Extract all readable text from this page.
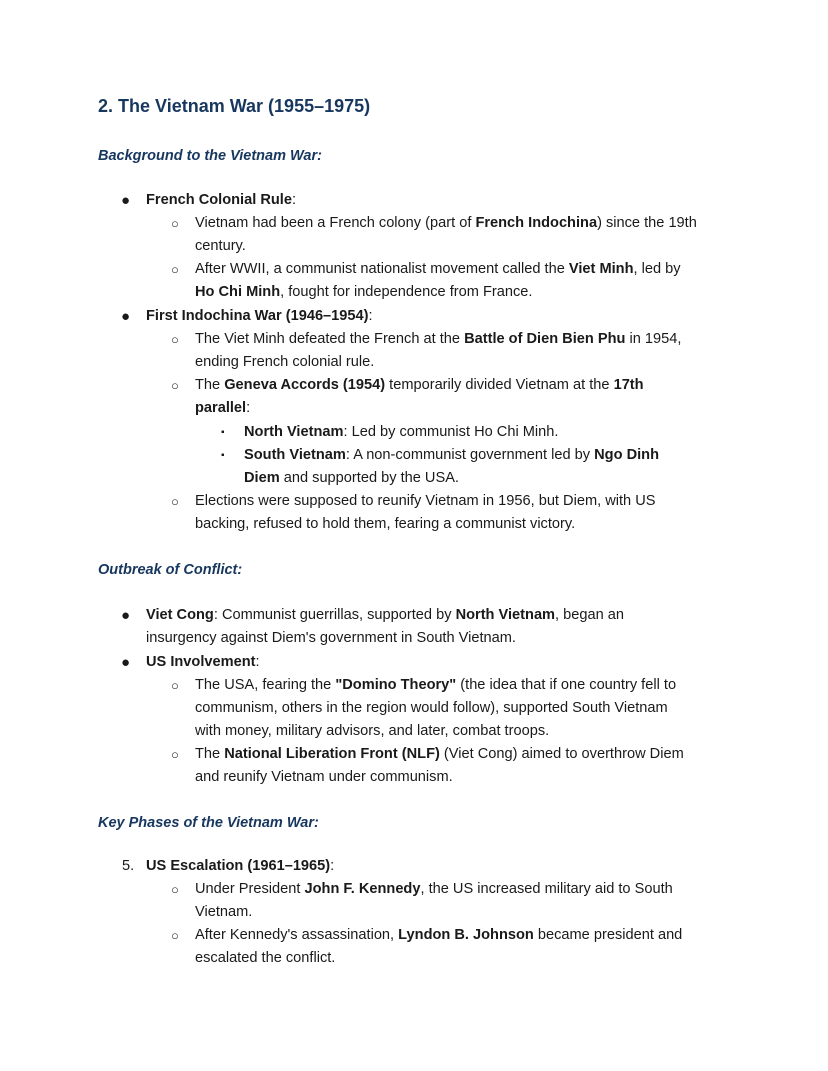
2. The Vietnam War (1955–1975)
Background to the Vietnam War:
● French Colonial Rule:
○ Vietnam had been a French colony (part of French Indochina) since the 19th
century.
○ After WWII, a communist nationalist movement called the Viet Minh, led by
Ho Chi Minh, fought for independence from France.
● First Indochina War (1946–1954):
○ The Viet Minh defeated the French at the Battle of Dien Bien Phu in 1954,
ending French colonial rule.
○ The Geneva Accords (1954) temporarily divided Vietnam at the 17th
parallel:
▪ North Vietnam: Led by communist Ho Chi Minh.
▪ South Vietnam: A non-communist government led by Ngo Dinh
Diem and supported by the USA.
○ Elections were supposed to reunify Vietnam in 1956, but Diem, with US
backing, refused to hold them, fearing a communist victory.
Outbreak of Conflict:
● Viet Cong: Communist guerrillas, supported by North Vietnam, began an
insurgency against Diem's government in South Vietnam.
● US Involvement:
○ The USA, fearing the "Domino Theory" (the idea that if one country fell to
communism, others in the region would follow), supported South Vietnam
with money, military advisors, and later, combat troops.
○ The National Liberation Front (NLF) (Viet Cong) aimed to overthrow Diem
and reunify Vietnam under communism.
Key Phases of the Vietnam War:
5. US Escalation (1961–1965):
○ Under President John F. Kennedy, the US increased military aid to South
Vietnam.
○ After Kennedy's assassination, Lyndon B. Johnson became president and
escalated the conflict.
